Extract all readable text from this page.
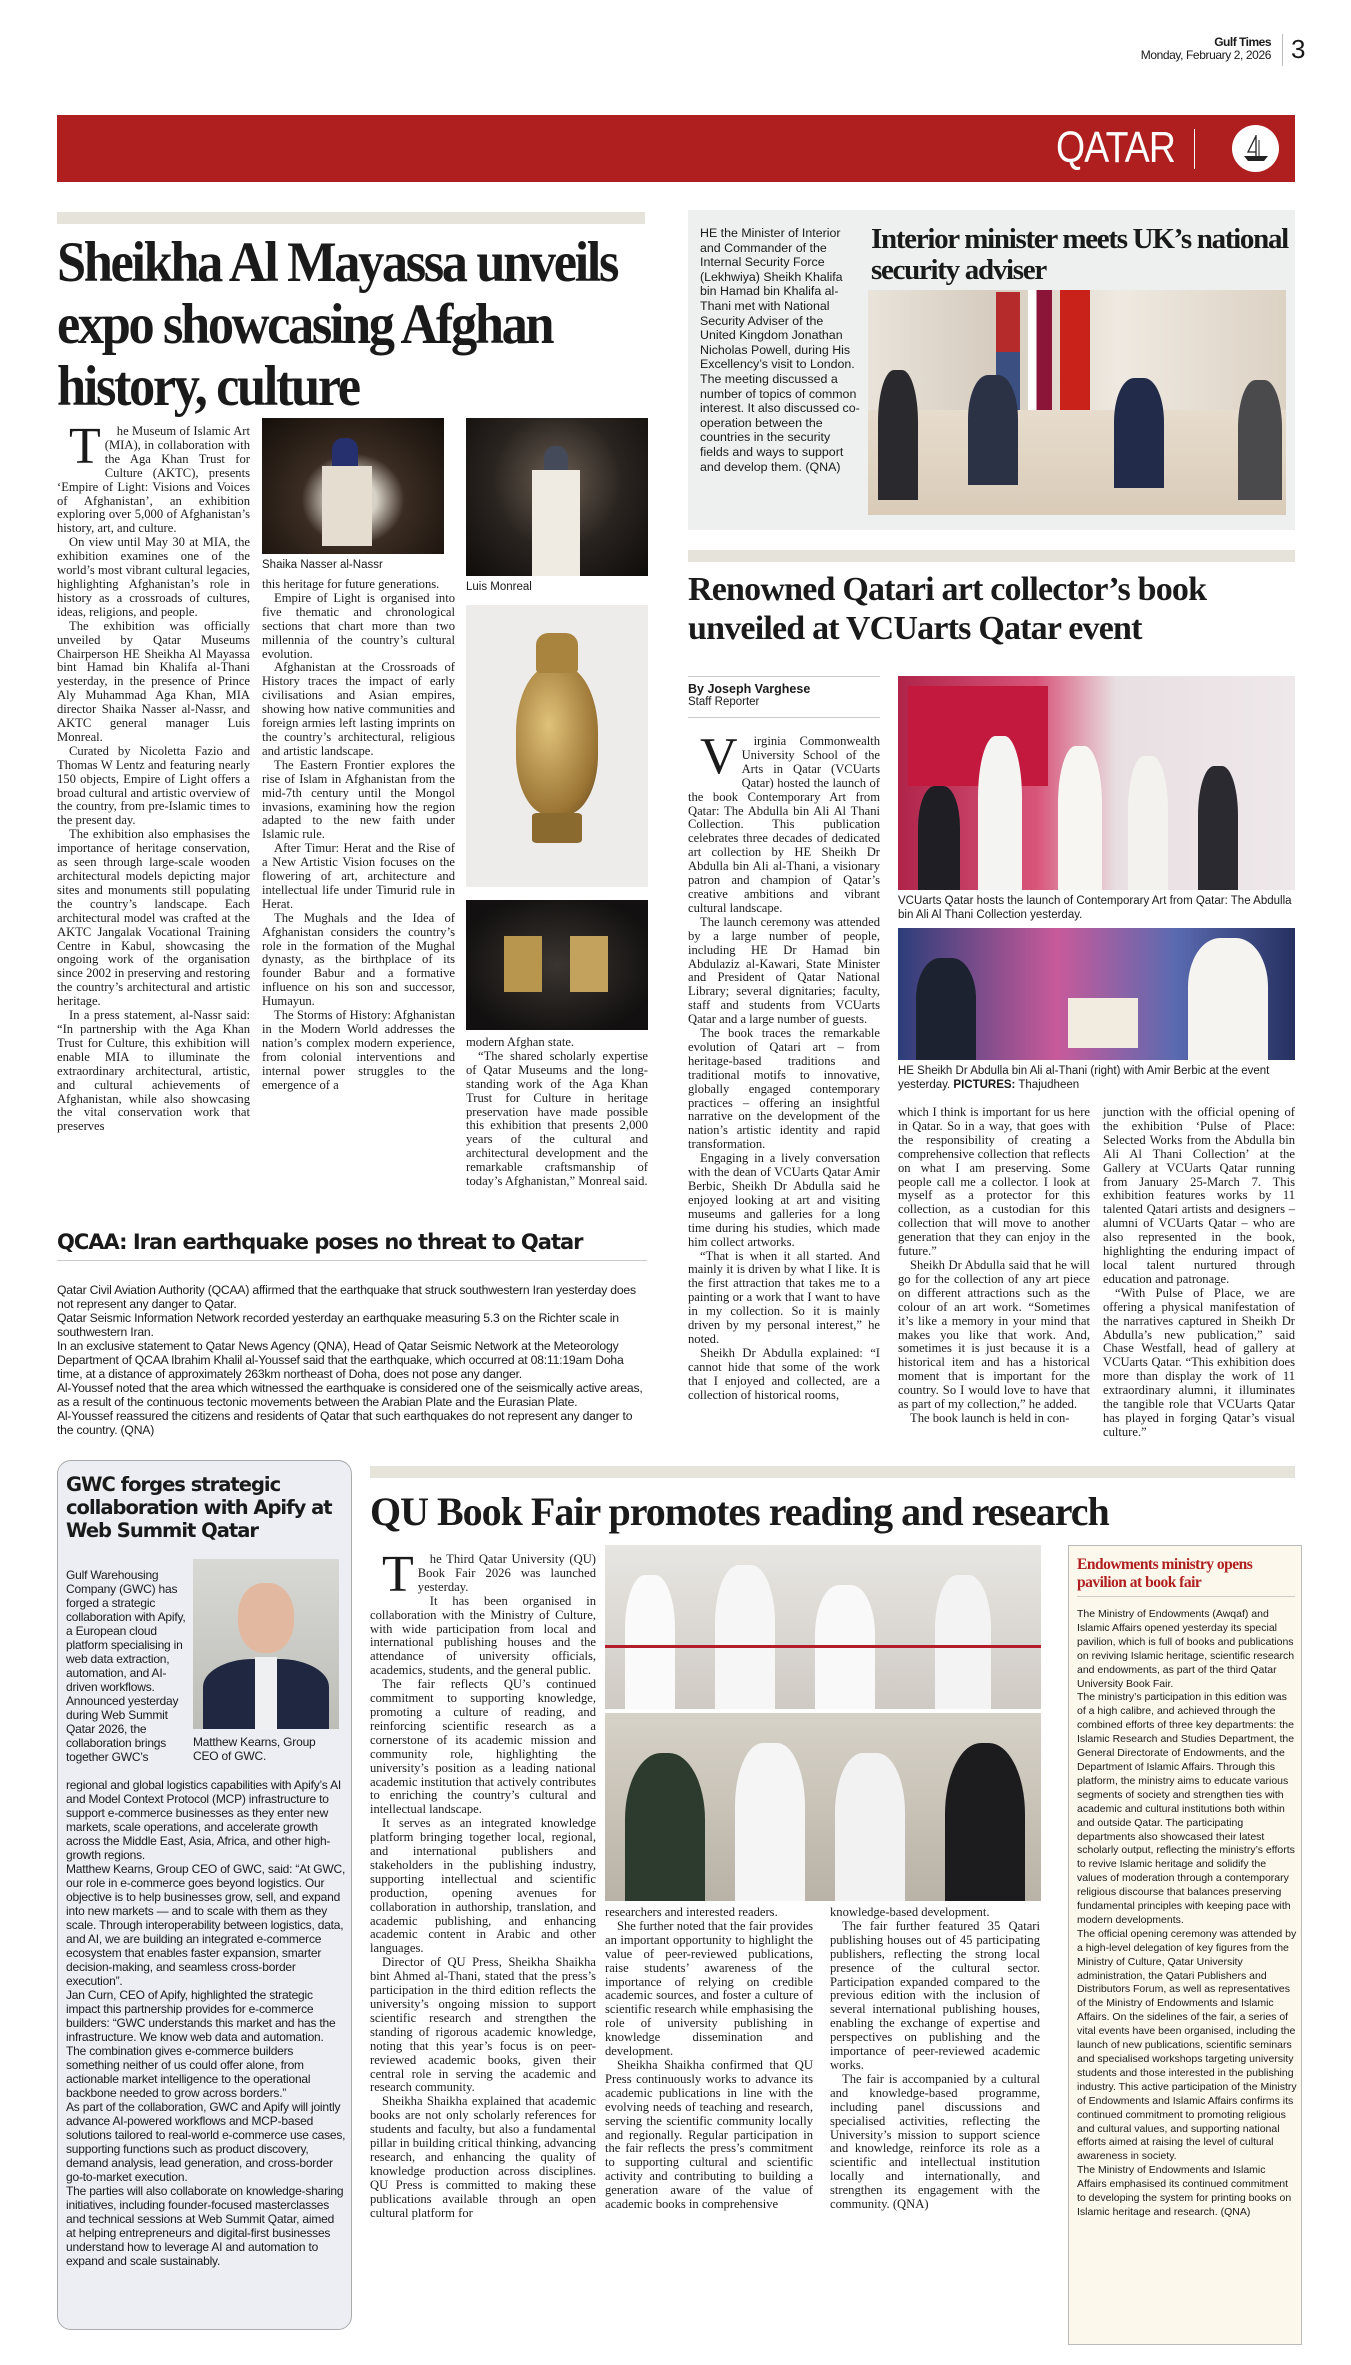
Gulf Times
Monday, February 2, 2026 3
QATAR
Sheikha Al Mayassa unveils expo showcasing Afghan history, culture

The Museum of Islamic Art (MIA), in collaboration with the Aga Khan Trust for Culture (AKTC), presents ‘Empire of Light: Visions and Voices of Afghanistan’, an exhibition exploring over 5,000 of Afghanistan’s history, art, and culture.

On view until May 30 at MIA, the exhibition examines one of the world’s most vibrant cultural legacies, highlighting Afghanistan’s role in history as a crossroads of cultures, ideas, religions, and people.

The exhibition was officially unveiled by Qatar Museums Chairperson HE Sheikha Al Mayassa bint Hamad bin Khalifa al-Thani yesterday, in the presence of Prince Aly Muhammad Aga Khan, MIA director Shaika Nasser al-Nassr, and AKTC general manager Luis Monreal.

Curated by Nicoletta Fazio and Thomas W Lentz and featuring nearly 150 objects, Empire of Light offers a broad cultural and artistic overview of the country, from pre-Islamic times to the present day.

The exhibition also emphasises the importance of heritage conservation, as seen through large-scale wooden architectural models depicting major sites and monuments still populating the country’s landscape. Each architectural model was crafted at the AKTC Jangalak Vocational Training Centre in Kabul, showcasing the ongoing work of the organisation since 2002 in preserving and restoring the country’s architectural and artistic heritage.

In a press statement, al-Nassr said: “In partnership with the Aga Khan Trust for Culture, this exhibition will enable MIA to illuminate the extraordinary architectural, artistic, and cultural achievements of Afghanistan, while also showcasing the vital conservation work that preserves

Shaika Nasser al-Nassr

this heritage for future generations.

Empire of Light is organised into five thematic and chronological sections that chart more than two millennia of the country’s cultural evolution.

Afghanistan at the Crossroads of History traces the impact of early civilisations and Asian empires, showing how native communities and foreign armies left lasting imprints on the country’s architectural, religious and artistic landscape.

The Eastern Frontier explores the rise of Islam in Afghanistan from the mid-7th century until the Mongol invasions, examining how the region adapted to the new faith under Islamic rule.

After Timur: Herat and the Rise of a New Artistic Vision focuses on the flowering of art, architecture and intellectual life under Timurid rule in Herat.

The Mughals and the Idea of Afghanistan considers the country’s role in the formation of the Mughal dynasty, as the birthplace of its founder Babur and a formative influence on his son and successor, Humayun.

The Storms of History: Afghanistan in the Modern World addresses the nation’s complex modern experience, from colonial interventions and internal power struggles to the emergence of a

Luis Monreal

modern Afghan state.

“The shared scholarly expertise of Qatar Museums and the long-standing work of the Aga Khan Trust for Culture in heritage preservation have made possible this exhibition that presents 2,000 years of the cultural and architectural development and the remarkable craftsmanship of today’s Afghanistan,” Monreal said.

QCAA: Iran earthquake poses no threat to Qatar

Qatar Civil Aviation Authority (QCAA) affirmed that the earthquake that struck southwestern Iran yesterday does not represent any danger to Qatar.

Qatar Seismic Information Network recorded yesterday an earthquake measuring 5.3 on the Richter scale in southwestern Iran.

In an exclusive statement to Qatar News Agency (QNA), Head of Qatar Seismic Network at the Meteorology Department of QCAA Ibrahim Khalil al-Youssef said that the earthquake, which occurred at 08:11:19am Doha time, at a distance of approximately 263km northeast of Doha, does not pose any danger.

Al-Youssef noted that the area which witnessed the earthquake is considered one of the seismically active areas, as a result of the continuous tectonic movements between the Arabian Plate and the Eurasian Plate.

Al-Youssef reassured the citizens and residents of Qatar that such earthquakes do not represent any danger to the country. (QNA)

HE the Minister of Interior and Commander of the Internal Security Force (Lekhwiya) Sheikh Khalifa bin Hamad bin Khalifa al-Thani met with National Security Adviser of the United Kingdom Jonathan Nicholas Powell, during His Excellency’s visit to London. The meeting discussed a number of topics of common interest. It also discussed co-operation between the countries in the security fields and ways to support and develop them. (QNA)
Interior minister meets UK’s national security adviser
Renowned Qatari art collector’s book unveiled at VCUarts Qatar event
By Joseph Varghese
Staff Reporter

Virginia Commonwealth University School of the Arts in Qatar (VCUarts Qatar) hosted the launch of the book Contemporary Art from Qatar: The Abdulla bin Ali Al Thani Collection. This publication celebrates three decades of dedicated art collection by HE Sheikh Dr Abdulla bin Ali al-Thani, a visionary patron and champion of Qatar’s creative ambitions and vibrant cultural landscape.

The launch ceremony was attended by a large number of people, including HE Dr Hamad bin Abdulaziz al-Kawari, State Minister and President of Qatar National Library; several dignitaries; faculty, staff and students from VCUarts Qatar and a large number of guests.

The book traces the remarkable evolution of Qatari art – from heritage-based traditions and traditional motifs to innovative, globally engaged contemporary practices – offering an insightful narrative on the development of the nation’s artistic identity and rapid transformation.

Engaging in a lively conversation with the dean of VCUarts Qatar Amir Berbic, Sheikh Dr Abdulla said he enjoyed looking at art and visiting museums and galleries for a long time during his studies, which made him collect artworks.

“That is when it all started. And mainly it is driven by what I like. It is the first attraction that takes me to a painting or a work that I want to have in my collection. So it is mainly driven by my personal interest,” he noted.

Sheikh Dr Abdulla explained: “I cannot hide that some of the work that I enjoyed and collected, are a collection of historical rooms,

VCUarts Qatar hosts the launch of Contemporary Art from Qatar: The Abdulla bin Ali Al Thani Collection yesterday.
HE Sheikh Dr Abdulla bin Ali al-Thani (right) with Amir Berbic at the event yesterday. PICTURES: Thajudheen

which I think is important for us here in Qatar. So in a way, that goes with the responsibility of creating a comprehensive collection that reflects on what I am preserving. Some people call me a collector. I look at myself as a protector for this collection, as a custodian for this collection that will move to another generation that they can enjoy in the future.”

Sheikh Dr Abdulla said that he will go for the collection of any art piece on different attractions such as the colour of an art work. “Sometimes it’s like a memory in your mind that makes you like that work. And, sometimes it is just because it is a historical item and has a historical moment that is important for the country. So I would love to have that as part of my collection,” he added.

The book launch is held in con-

junction with the official opening of the exhibition ‘Pulse of Place: Selected Works from the Abdulla bin Ali Al Thani Collection’ at the Gallery at VCUarts Qatar running from January 25-March 7. This exhibition features works by 11 talented Qatari artists and designers – alumni of VCUarts Qatar – who are also represented in the book, highlighting the enduring impact of local talent nurtured through education and patronage.

“With Pulse of Place, we are offering a physical manifestation of the narratives captured in Sheikh Dr Abdulla’s new publication,” said Chase Westfall, head of gallery at VCUarts Qatar. “This exhibition does more than display the work of 11 extraordinary alumni, it illuminates the tangible role that VCUarts Qatar has played in forging Qatar’s visual culture.”

GWC forges strategic collaboration with Apify at Web Summit Qatar
Gulf Warehousing Company (GWC) has forged a strategic collaboration with Apify, a European cloud platform specialising in web data extraction, automation, and AI-driven workflows. Announced yesterday during Web Summit Qatar 2026, the collaboration brings together GWC’s
Matthew Kearns, Group CEO of GWC.

regional and global logistics capabilities with Apify’s AI and Model Context Protocol (MCP) infrastructure to support e-commerce businesses as they enter new markets, scale operations, and accelerate growth across the Middle East, Asia, Africa, and other high-growth regions.

Matthew Kearns, Group CEO of GWC, said: “At GWC, our role in e-commerce goes beyond logistics. Our objective is to help businesses grow, sell, and expand into new markets — and to scale with them as they scale. Through interoperability between logistics, data, and AI, we are building an integrated e-commerce ecosystem that enables faster expansion, smarter decision-making, and seamless cross-border execution”.

Jan Curn, CEO of Apify, highlighted the strategic impact this partnership provides for e-commerce builders: “GWC understands this market and has the infrastructure. We know web data and automation. The combination gives e-commerce builders something neither of us could offer alone, from actionable market intelligence to the operational backbone needed to grow across borders.”

As part of the collaboration, GWC and Apify will jointly advance AI-powered workflows and MCP-based solutions tailored to real-world e-commerce use cases, supporting functions such as product discovery, demand analysis, lead generation, and cross-border go-to-market execution.

The parties will also collaborate on knowledge-sharing initiatives, including founder-focused masterclasses and technical sessions at Web Summit Qatar, aimed at helping entrepreneurs and digital-first businesses understand how to leverage AI and automation to expand and scale sustainably.

QU Book Fair promotes reading and research

The Third Qatar University (QU) Book Fair 2026 was launched yesterday.

It has been organised in collaboration with the Ministry of Culture, with wide participation from local and international publishing houses and the attendance of university officials, academics, students, and the general public.

The fair reflects QU’s continued commitment to supporting knowledge, promoting a culture of reading, and reinforcing scientific research as a cornerstone of its academic mission and community role, highlighting the university’s position as a leading national academic institution that actively contributes to enriching the country’s cultural and intellectual landscape.

It serves as an integrated knowledge platform bringing together local, regional, and international publishers and stakeholders in the publishing industry, supporting intellectual and scientific production, opening avenues for collaboration in authorship, translation, and academic publishing, and enhancing academic content in Arabic and other languages.

Director of QU Press, Sheikha Shaikha bint Ahmed al-Thani, stated that the press’s participation in the third edition reflects the university’s ongoing mission to support scientific research and strengthen the standing of rigorous academic knowledge, noting that this year’s focus is on peer-reviewed academic books, given their central role in serving the academic and research community.

Sheikha Shaikha explained that academic books are not only scholarly references for students and faculty, but also a fundamental pillar in building critical thinking, advancing research, and enhancing the quality of knowledge production across disciplines. QU Press is committed to making these publications available through an open cultural platform for

researchers and interested readers.

She further noted that the fair provides an important opportunity to highlight the value of peer-reviewed publications, raise students’ awareness of the importance of relying on credible academic sources, and foster a culture of scientific research while emphasising the role of university publishing in knowledge dissemination and development.

Sheikha Shaikha confirmed that QU Press continuously works to advance its academic publications in line with the evolving needs of teaching and research, serving the scientific community locally and regionally. Regular participation in the fair reflects the press’s commitment to supporting cultural and scientific activity and contributing to building a generation aware of the value of academic books in comprehensive

knowledge-based development.

The fair further featured 35 Qatari publishing houses out of 45 participating publishers, reflecting the strong local presence of the cultural sector. Participation expanded compared to the previous edition with the inclusion of several international publishing houses, enabling the exchange of expertise and perspectives on publishing and the importance of peer-reviewed academic works.

The fair is accompanied by a cultural and knowledge-based programme, including panel discussions and specialised activities, reflecting the University’s mission to support science and knowledge, reinforce its role as a scientific and intellectual institution locally and internationally, and strengthen its engagement with the community. (QNA)

Endowments ministry opens pavilion at book fair

The Ministry of Endowments (Awqaf) and Islamic Affairs opened yesterday its special pavilion, which is full of books and publications on reviving Islamic heritage, scientific research and endowments, as part of the third Qatar University Book Fair.

The ministry’s participation in this edition was of a high calibre, and achieved through the combined efforts of three key departments: the Islamic Research and Studies Department, the General Directorate of Endowments, and the Department of Islamic Affairs. Through this platform, the ministry aims to educate various segments of society and strengthen ties with academic and cultural institutions both within and outside Qatar. The participating departments also showcased their latest scholarly output, reflecting the ministry’s efforts to revive Islamic heritage and solidify the values of moderation through a contemporary religious discourse that balances preserving fundamental principles with keeping pace with modern developments.

The official opening ceremony was attended by a high-level delegation of key figures from the Ministry of Culture, Qatar University administration, the Qatari Publishers and Distributors Forum, as well as representatives of the Ministry of Endowments and Islamic Affairs. On the sidelines of the fair, a series of vital events have been organised, including the launch of new publications, scientific seminars and specialised workshops targeting university students and those interested in the publishing industry. This active participation of the Ministry of Endowments and Islamic Affairs confirms its continued commitment to promoting religious and cultural values, and supporting national efforts aimed at raising the level of cultural awareness in society.

The Ministry of Endowments and Islamic Affairs emphasised its continued commitment to developing the system for printing books on Islamic heritage and research. (QNA)
